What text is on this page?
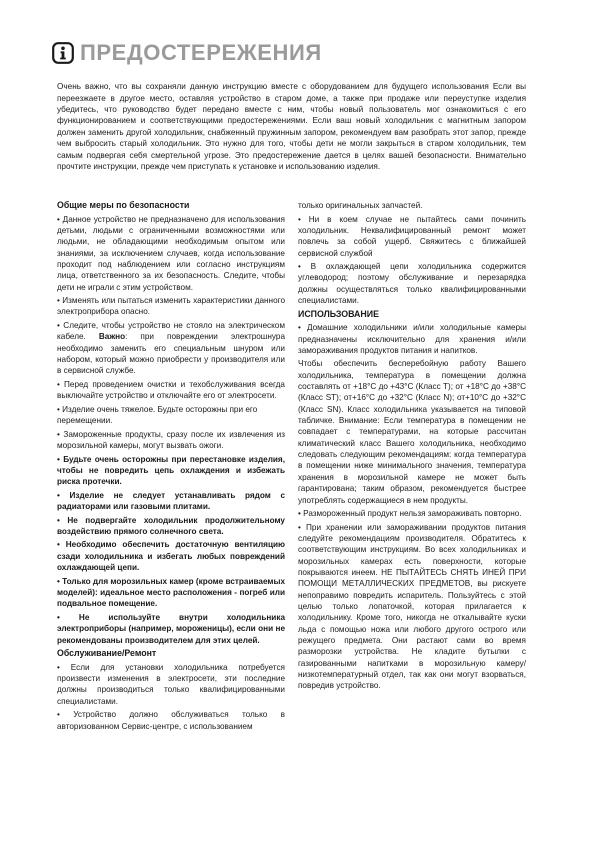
ПРЕДОСТЕРЕЖЕНИЯ

Очень важно, что вы сохраняли данную инструкцию вместе с оборудованием для будущего использования Если вы переезжаете в другое место, оставляя устройство в старом доме, а также при продаже или переуступке изделия убедитесь, что руководство будет передано вместе с ним, чтобы новый пользователь мог ознакомиться с его функционированием и соответствующими предостережениями. Если ваш новый холодильник с магнитным запором должен заменить другой холодильник, снабженный пружинным запором, рекомендуем вам разобрать этот запор, прежде чем выбросить старый холодильник. Это нужно для того, чтобы дети не могли закрыться в старом холодильник, тем самым подвергая себя смертельной угрозе. Это предостережение дается в целях вашей безопасности. Внимательно прочтите инструкции, прежде чем приступать к установке и использованию изделия.

Общие меры по безопасности

• Данное устройство не предназначено для использования детьми, людьми с ограниченными возможностями или людьми, не обладающими необходимым опытом или знаниями, за исключением случаев, когда использование проходит под наблюдением или согласно инструкциям лица, ответственного за их безопасность. Следите, чтобы дети не играли с этим устройством.

• Изменять или пытаться изменить характеристики данного электроприбора опасно.

• Следите, чтобы устройство не стояло на электрическом кабеле. Важно: при повреждении электрошнура необходимо заменить его специальным шнуром или набором, который можно приобрести у производителя или в сервисной службе.

• Перед проведением очистки и техобслуживания всегда выключайте устройство и отключайте его от электросети.

• Изделие очень тяжелое. Будьте осторожны при его перемещении.

• Замороженные продукты, сразу после их извлечения из морозильной камеры, могут вызвать ожоги.

• Будьте очень осторожны при перестановке изделия, чтобы не повредить цепь охлаждения и избежать риска протечки.

• Изделие не следует устанавливать рядом с радиаторами или газовыми плитами.

• Не подвергайте холодильник продолжительному воздействию прямого солнечного света.

• Необходимо обеспечить достаточную вентиляцию сзади холодильника и избегать любых повреждений охлаждающей цепи.

• Только для морозильных камер (кроме встраиваемых моделей): идеальное место расположения - погреб или подвальное помещение.

• Не используйте внутри холодильника электроприборы (например, мороженицы), если они не рекомендованы производителем для этих целей.

Обслуживание/Ремонт

• Если для установки холодильника потребуется произвести изменения в электросети, эти последние должны производиться только квалифицированными специалистами.

• Устройство должно обслуживаться только в авторизованном Сервис-центре, с использованием

только оригинальных запчастей.

• Ни в коем случае не пытайтесь сами починить холодильник. Неквалифицированный ремонт может повлечь за собой ущерб. Свяжитесь с ближайшей сервисной службой

• В охлаждающей цепи холодильника содержится углеводород; поэтому обслуживание и перезарядка должны осуществляться только квалифицированными специалистами.

ИСПОЛЬЗОВАНИЕ

• Домашние холодильники и/или холодильные камеры предназначены исключительно для хранения и/или замораживания продуктов питания и напитков.

Чтобы обеспечить бесперебойную работу Вашего холодильника, температура в помещении должна составлять от +18°C до +43°C (Класс Т); от +18°C до +38°C (Класс ST); от+16°C до +32°C (Класс N); от+10°C до +32°C (Класс SN). Класс холодильника указывается на типовой табличке. Внимание: Если температура в помещении не совпадает с температурами, на которые рассчитан климатический класс Вашего холодильника, необходимо следовать следующим рекомендациям: когда температура в помещении ниже минимального значения, температура хранения в морозильной камере не может быть гарантирована; таким образом, рекомендуется быстрее употреблять содержащиеся в нем продукты.

• Размороженный продукт нельзя замораживать повторно.

• При хранении или замораживании продуктов питания следуйте рекомендациям производителя. Обратитесь к соответствующим инструкциям. Во всех холодильниках и морозильных камерах есть поверхности, которые покрываются инеем. НЕ ПЫТАЙТЕСЬ СНЯТЬ ИНЕЙ ПРИ ПОМОЩИ МЕТАЛЛИЧЕСКИХ ПРЕДМЕТОВ, вы рискуете непоправимо повредить испаритель. Пользуйтесь с этой целью только лопаточкой, которая прилагается к холодильнику. Кроме того, никогда не откалывайте куски льда с помощью ножа или любого другого острого или режущего предмета. Они растают сами во время разморозки устройства. Не кладите бутылки с газированными напитками в морозильную камеру/низкотемпературный отдел, так как они могут взорваться, повредив устройство.
